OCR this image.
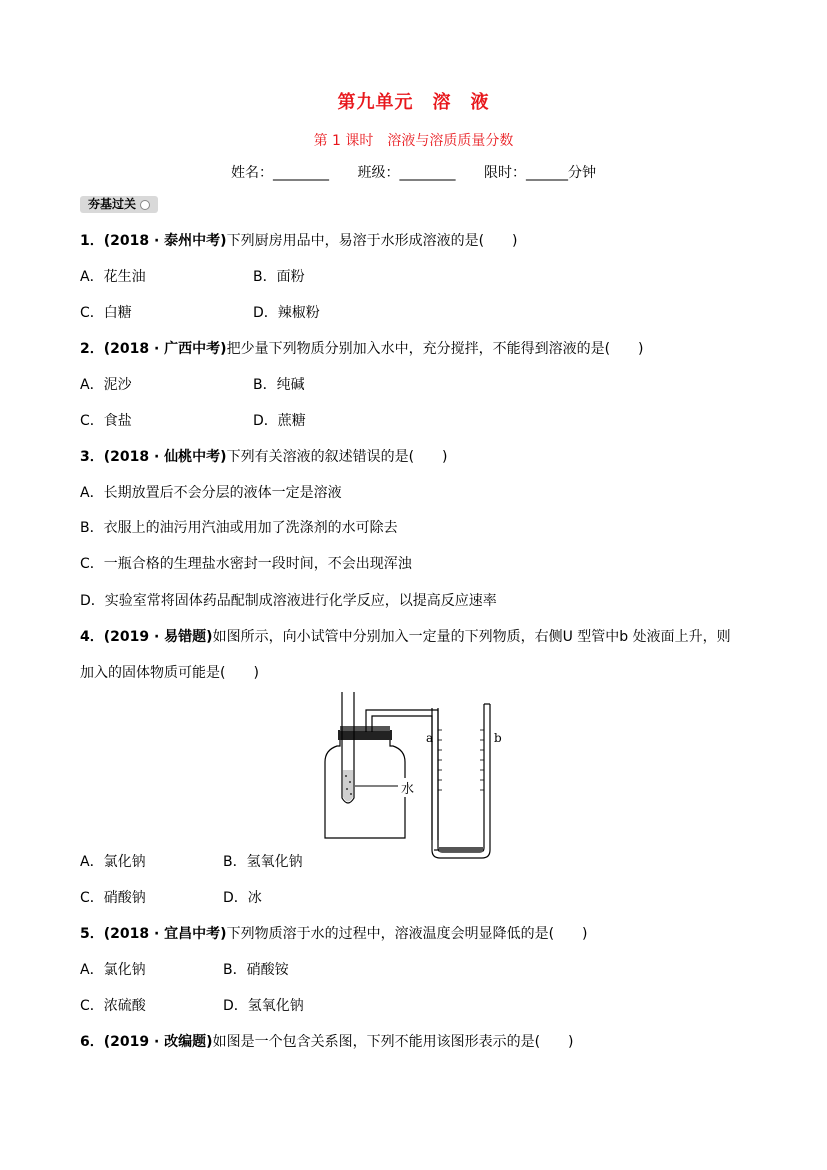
第九单元　溶　液
第 1 课时　溶液与溶质质量分数
姓名：________ 班级：________ 限时：______分钟
夯基过关
1．(2018 · 泰州中考)下列厨房用品中，易溶于水形成溶液的是(　　)
A．花生油	B．面粉
C．白糖	D．辣椒粉
2．(2018 · 广西中考)把少量下列物质分别加入水中，充分搅拌，不能得到溶液的是(　　)
A．泥沙	B．纯碱
C．食盐	D．蔗糖
3．(2018 · 仙桃中考)下列有关溶液的叙述错误的是(　　)
A．长期放置后不会分层的液体一定是溶液
B．衣服上的油污用汽油或用加了洗涤剂的水可除去
C．一瓶合格的生理盐水密封一段时间，不会出现浑浊
D．实验室常将固体药品配制成溶液进行化学反应，以提高反应速率
4．(2019 · 易错题)如图所示，向小试管中分别加入一定量的下列物质，右侧U 型管中b 处液面上升，则
加入的固体物质可能是(　　)
a	b
水
A．氯化钠	B．氢氧化钠
C．硝酸钠	D．冰
5．(2018 · 宜昌中考)下列物质溶于水的过程中，溶液温度会明显降低的是(　　)
A．氯化钠	B．硝酸铵
C．浓硫酸	D．氢氧化钠
6．(2019 · 改编题)如图是一个包含关系图，下列不能用该图形表示的是(　　)
